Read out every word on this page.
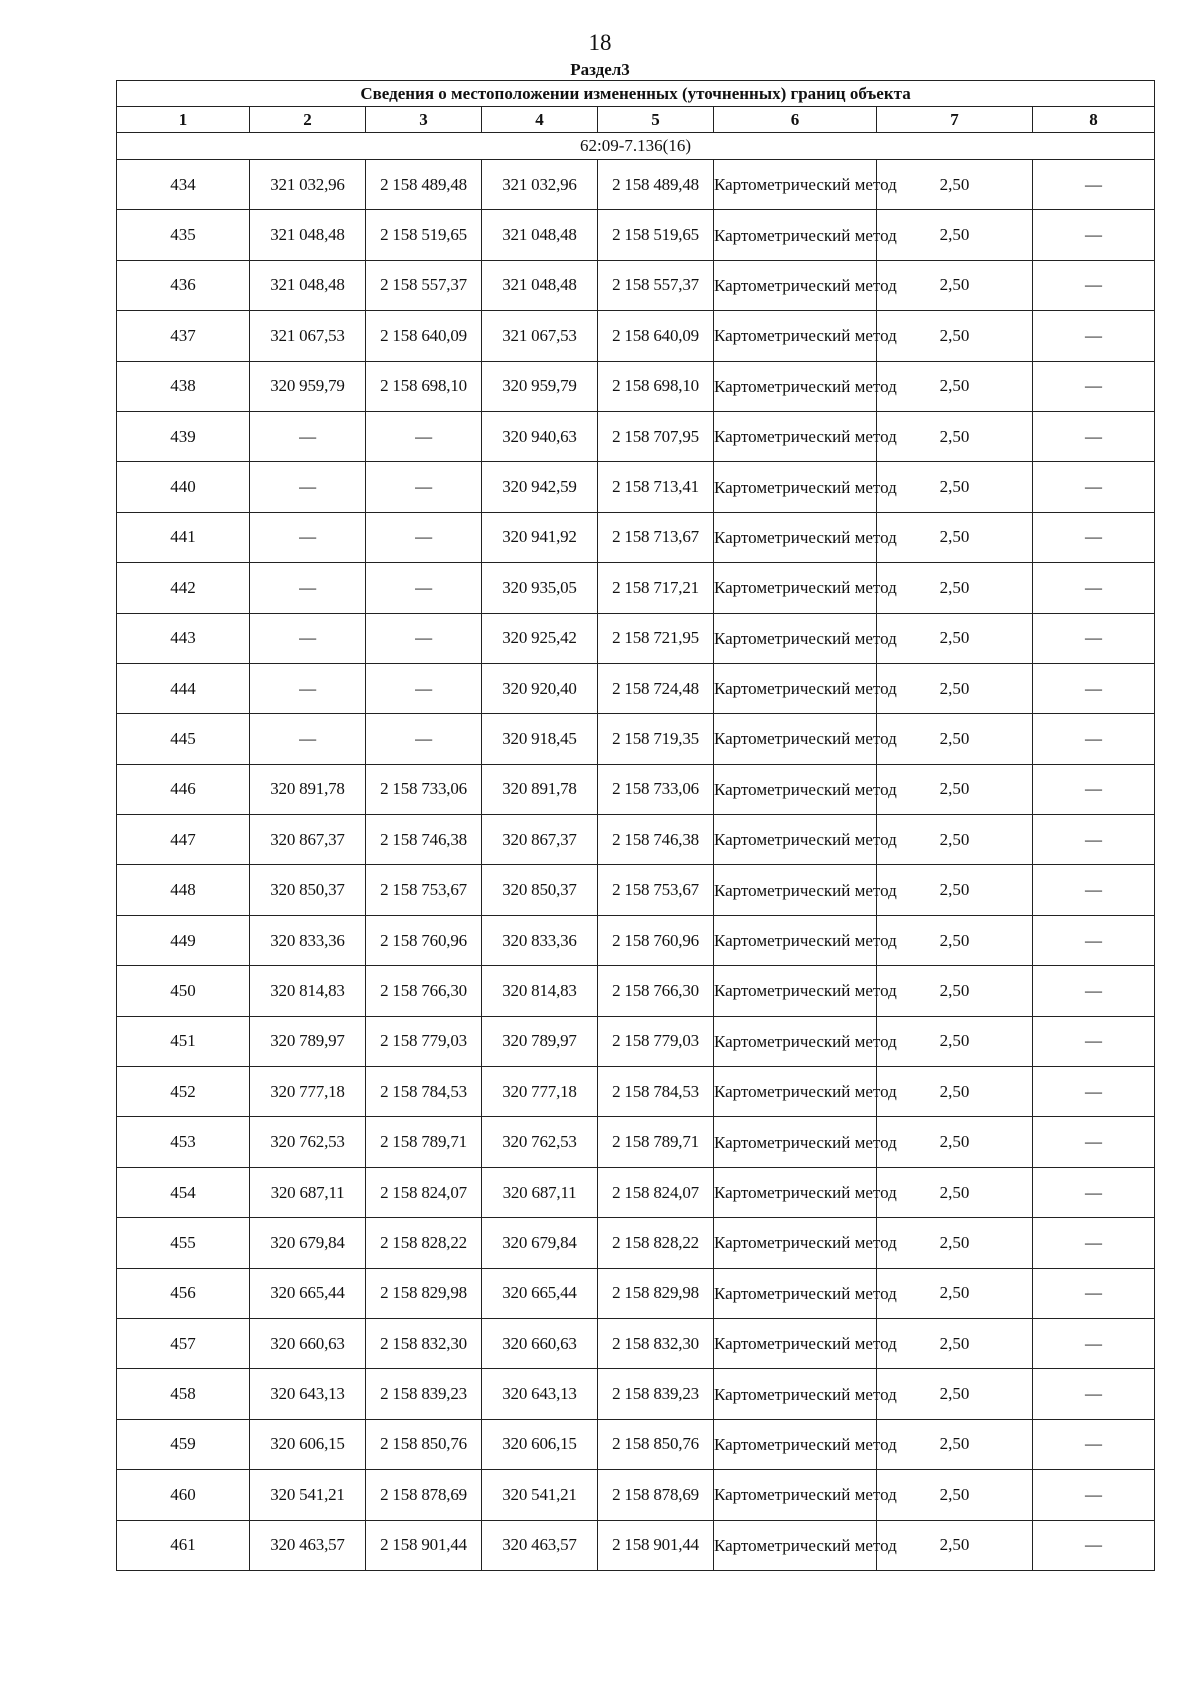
18
Раздел3
Сведения о местоположении измененных (уточненных) границ объекта							
1	2	3	4	5	6	7	8
62:09-7.136(16)							
434	321 032,96	2 158 489,48	321 032,96	2 158 489,48	Картометрический метод	2,50	—
435	321 048,48	2 158 519,65	321 048,48	2 158 519,65	Картометрический метод	2,50	—
436	321 048,48	2 158 557,37	321 048,48	2 158 557,37	Картометрический метод	2,50	—
437	321 067,53	2 158 640,09	321 067,53	2 158 640,09	Картометрический метод	2,50	—
438	320 959,79	2 158 698,10	320 959,79	2 158 698,10	Картометрический метод	2,50	—
439	—	—	320 940,63	2 158 707,95	Картометрический метод	2,50	—
440	—	—	320 942,59	2 158 713,41	Картометрический метод	2,50	—
441	—	—	320 941,92	2 158 713,67	Картометрический метод	2,50	—
442	—	—	320 935,05	2 158 717,21	Картометрический метод	2,50	—
443	—	—	320 925,42	2 158 721,95	Картометрический метод	2,50	—
444	—	—	320 920,40	2 158 724,48	Картометрический метод	2,50	—
445	—	—	320 918,45	2 158 719,35	Картометрический метод	2,50	—
446	320 891,78	2 158 733,06	320 891,78	2 158 733,06	Картометрический метод	2,50	—
447	320 867,37	2 158 746,38	320 867,37	2 158 746,38	Картометрический метод	2,50	—
448	320 850,37	2 158 753,67	320 850,37	2 158 753,67	Картометрический метод	2,50	—
449	320 833,36	2 158 760,96	320 833,36	2 158 760,96	Картометрический метод	2,50	—
450	320 814,83	2 158 766,30	320 814,83	2 158 766,30	Картометрический метод	2,50	—
451	320 789,97	2 158 779,03	320 789,97	2 158 779,03	Картометрический метод	2,50	—
452	320 777,18	2 158 784,53	320 777,18	2 158 784,53	Картометрический метод	2,50	—
453	320 762,53	2 158 789,71	320 762,53	2 158 789,71	Картометрический метод	2,50	—
454	320 687,11	2 158 824,07	320 687,11	2 158 824,07	Картометрический метод	2,50	—
455	320 679,84	2 158 828,22	320 679,84	2 158 828,22	Картометрический метод	2,50	—
456	320 665,44	2 158 829,98	320 665,44	2 158 829,98	Картометрический метод	2,50	—
457	320 660,63	2 158 832,30	320 660,63	2 158 832,30	Картометрический метод	2,50	—
458	320 643,13	2 158 839,23	320 643,13	2 158 839,23	Картометрический метод	2,50	—
459	320 606,15	2 158 850,76	320 606,15	2 158 850,76	Картометрический метод	2,50	—
460	320 541,21	2 158 878,69	320 541,21	2 158 878,69	Картометрический метод	2,50	—
461	320 463,57	2 158 901,44	320 463,57	2 158 901,44	Картометрический метод	2,50	—
